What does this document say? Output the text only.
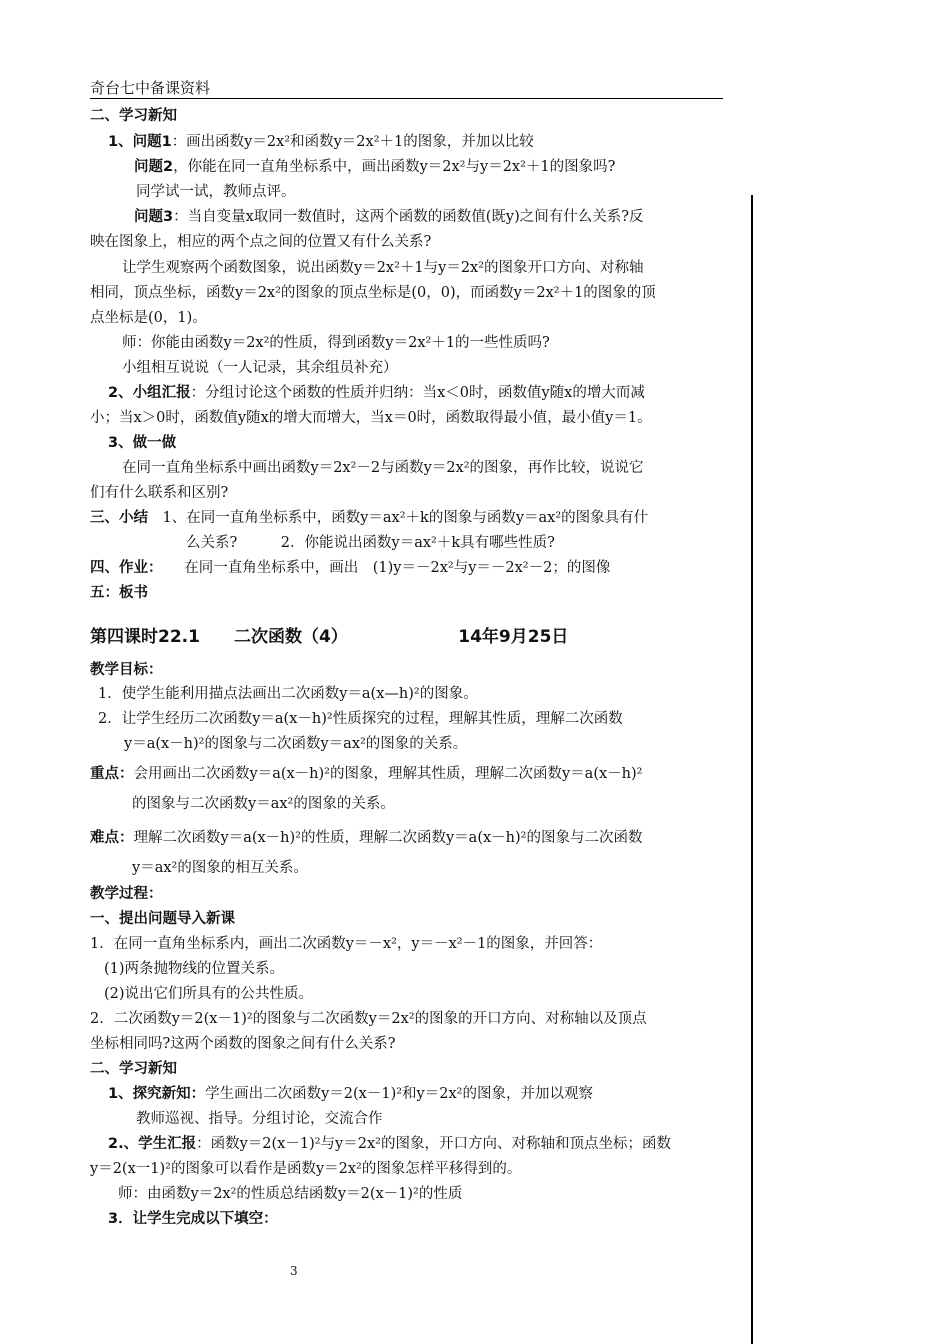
奇台七中备课资料
二、学习新知
1、问题1：画出函数y＝2x²和函数y＝2x²＋1的图象，并加以比较
问题2，你能在同一直角坐标系中，画出函数y＝2x²与y＝2x²＋1的图象吗?
同学试一试，教师点评。
问题3：当自变量x取同一数值时，这两个函数的函数值(既y)之间有什么关系?反
映在图象上，相应的两个点之间的位置又有什么关系?
让学生观察两个函数图象，说出函数y＝2x²＋1与y＝2x²的图象开口方向、对称轴
相同，顶点坐标，函数y＝2x²的图象的顶点坐标是(0，0)，而函数y＝2x²＋1的图象的顶
点坐标是(0，1)。
师：你能由函数y＝2x²的性质，得到函数y＝2x²＋1的一些性质吗?
小组相互说说（一人记录，其余组员补充）
2、小组汇报：分组讨论这个函数的性质并归纳：当x＜0时，函数值y随x的增大而减
小；当x＞0时，函数值y随x的增大而增大，当x＝0时，函数取得最小值，最小值y＝1。
3、做一做
在同一直角坐标系中画出函数y＝2x²－2与函数y＝2x²的图象，再作比较，说说它
们有什么联系和区别?
三、小结　1、在同一直角坐标系中，函数y＝ax²＋k的图象与函数y＝ax²的图象具有什
么关系?　　　2．你能说出函数y＝ax²＋k具有哪些性质?
四、作业：　　在同一直角坐标系中，画出　(1)y＝－2x²与y＝－2x²－2；的图像
五：板书
教学目标：
1．使学生能利用描点法画出二次函数y＝a(x—h)²的图象。
2．让学生经历二次函数y＝a(x－h)²性质探究的过程，理解其性质，理解二次函数
y＝a(x－h)²的图象与二次函数y＝ax²的图象的关系。
重点：会用画出二次函数y＝a(x－h)²的图象，理解其性质，理解二次函数y＝a(x－h)²
的图象与二次函数y＝ax²的图象的关系。
难点：理解二次函数y＝a(x－h)²的性质，理解二次函数y＝a(x－h)²的图象与二次函数
y＝ax²的图象的相互关系。
教学过程：
一、提出问题导入新课
1．在同一直角坐标系内，画出二次函数y＝－x²，y＝－x²－1的图象，并回答：
(1)两条抛物线的位置关系。
(2)说出它们所具有的公共性质。
2．二次函数y＝2(x－1)²的图象与二次函数y＝2x²的图象的开口方向、对称轴以及顶点
坐标相同吗?这两个函数的图象之间有什么关系?
二、学习新知
1、探究新知：学生画出二次函数y＝2(x－1)²和y＝2x²的图象，并加以观察
教师巡视、指导。分组讨论，交流合作
2.、学生汇报：函数y＝2(x－1)²与y＝2x²的图象，开口方向、对称轴和顶点坐标；函数
y＝2(x一1)²的图象可以看作是函数y＝2x²的图象怎样平移得到的。
师：由函数y＝2x²的性质总结函数y＝2(x－1)²的性质
3．让学生完成以下填空：
第四课时22.1　　二次函数（4）　　　　　　　14年9月25日
3
